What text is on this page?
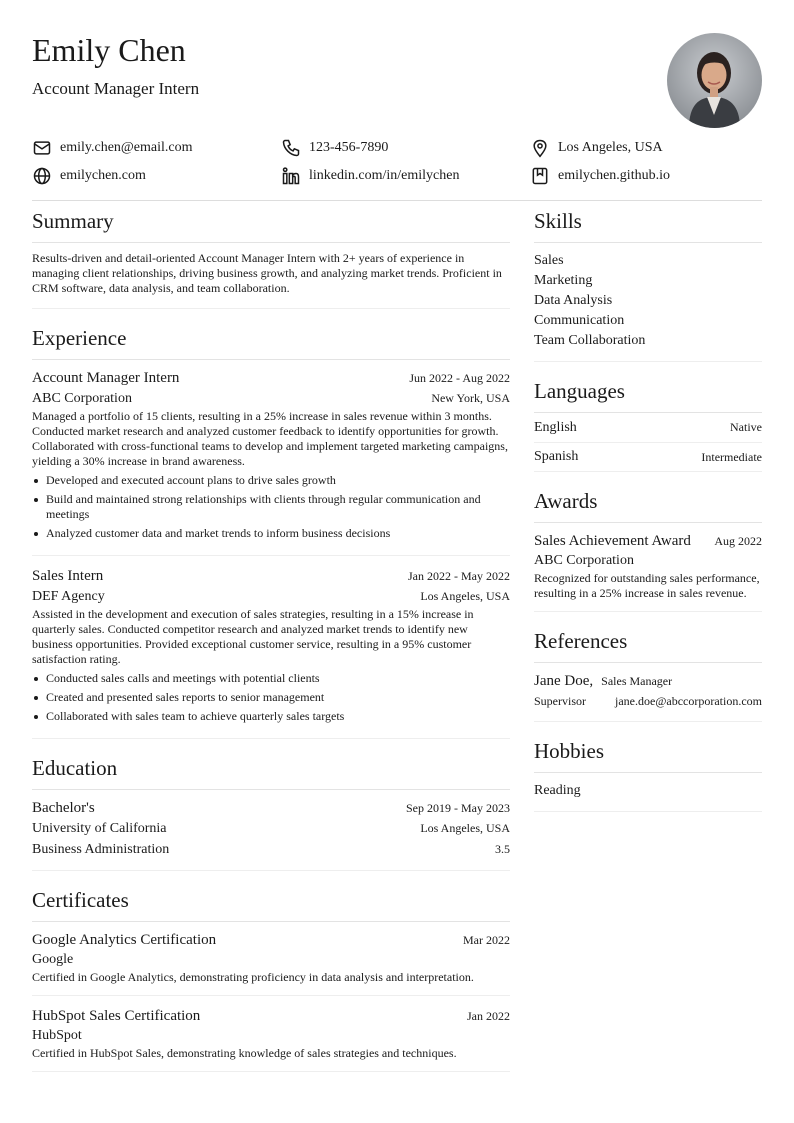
Emily Chen
Account Manager Intern
emily.chen@email.com	123-456-7890	Los Angeles, USA
emilychen.com	linkedin.com/in/emilychen	emilychen.github.io
Summary
Results-driven and detail-oriented Account Manager Intern with 2+ years of experience in managing client relationships, driving business growth, and analyzing market trends. Proficient in CRM software, data analysis, and team collaboration.
Experience
Account Manager Intern	Jun 2022 - Aug 2022
ABC Corporation	New York, USA
Managed a portfolio of 15 clients, resulting in a 25% increase in sales revenue within 3 months. Conducted market research and analyzed customer feedback to identify opportunities for growth. Collaborated with cross-functional teams to develop and implement targeted marketing campaigns, yielding a 30% increase in brand awareness.
Developed and executed account plans to drive sales growth
Build and maintained strong relationships with clients through regular communication and meetings
Analyzed customer data and market trends to inform business decisions
Sales Intern	Jan 2022 - May 2022
DEF Agency	Los Angeles, USA
Assisted in the development and execution of sales strategies, resulting in a 15% increase in quarterly sales. Conducted competitor research and analyzed market trends to identify new business opportunities. Provided exceptional customer service, resulting in a 95% customer satisfaction rating.
Conducted sales calls and meetings with potential clients
Created and presented sales reports to senior management
Collaborated with sales team to achieve quarterly sales targets
Education
Bachelor's	Sep 2019 - May 2023
University of California	Los Angeles, USA
Business Administration	3.5
Certificates
Google Analytics Certification	Mar 2022
Google
Certified in Google Analytics, demonstrating proficiency in data analysis and interpretation.
HubSpot Sales Certification	Jan 2022
HubSpot
Certified in HubSpot Sales, demonstrating knowledge of sales strategies and techniques.
Skills
Sales
Marketing
Data Analysis
Communication
Team Collaboration
Languages
English	Native
Spanish	Intermediate
Awards
Sales Achievement Award Aug 2022
ABC Corporation
Recognized for outstanding sales performance, resulting in a 25% increase in sales revenue.
References
Jane Doe, Sales Manager
Supervisor jane.doe@abccorporation.com
Hobbies
Reading
